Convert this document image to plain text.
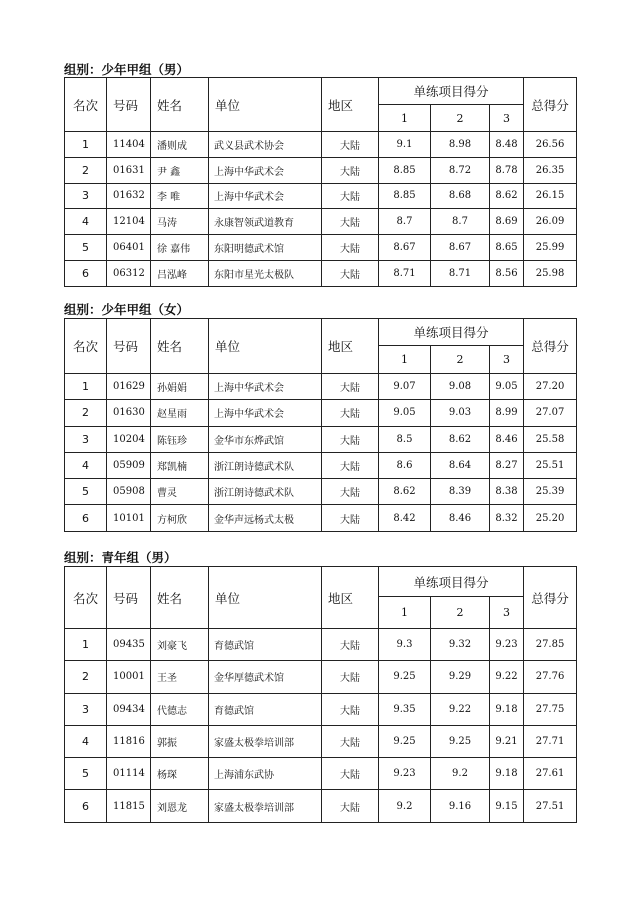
组别：少年甲组（男）
名次	号码	姓名	单位	地区	单练项目得分			总得分
					1	2	3	
1	11404	潘则成	武义县武术协会	大陆	9.1	8.98	8.48	26.56
2	01631	尹 鑫	上海中华武术会	大陆	8.85	8.72	8.78	26.35
3	01632	李 唯	上海中华武术会	大陆	8.85	8.68	8.62	26.15
4	12104	马涛	永康智领武道教育	大陆	8.7	8.7	8.69	26.09
5	06401	徐 嘉伟	东阳明德武术馆	大陆	8.67	8.67	8.65	25.99
6	06312	吕泓峰	东阳市星光太极队	大陆	8.71	8.71	8.56	25.98
组别：少年甲组（女）
名次	号码	姓名	单位	地区	单练项目得分			总得分
					1	2	3	
1	01629	孙娟娟	上海中华武术会	大陆	9.07	9.08	9.05	27.20
2	01630	赵星雨	上海中华武术会	大陆	9.05	9.03	8.99	27.07
3	10204	陈钰珍	金华市东烨武馆	大陆	8.5	8.62	8.46	25.58
4	05909	郑凯楠	浙江朗诗德武术队	大陆	8.6	8.64	8.27	25.51
5	05908	曹灵	浙江朗诗德武术队	大陆	8.62	8.39	8.38	25.39
6	10101	方柯欣	金华声远杨式太极	大陆	8.42	8.46	8.32	25.20
组别：青年组（男）
名次	号码	姓名	单位	地区	单练项目得分			总得分
					1	2	3	
1	09435	刘豪飞	育德武馆	大陆	9.3	9.32	9.23	27.85
2	10001	王圣	金华厚德武术馆	大陆	9.25	9.29	9.22	27.76
3	09434	代德志	育德武馆	大陆	9.35	9.22	9.18	27.75
4	11816	郭振	家盛太极拳培训部	大陆	9.25	9.25	9.21	27.71
5	01114	杨琛	上海浦东武协	大陆	9.23	9.2	9.18	27.61
6	11815	刘恩龙	家盛太极拳培训部	大陆	9.2	9.16	9.15	27.51
